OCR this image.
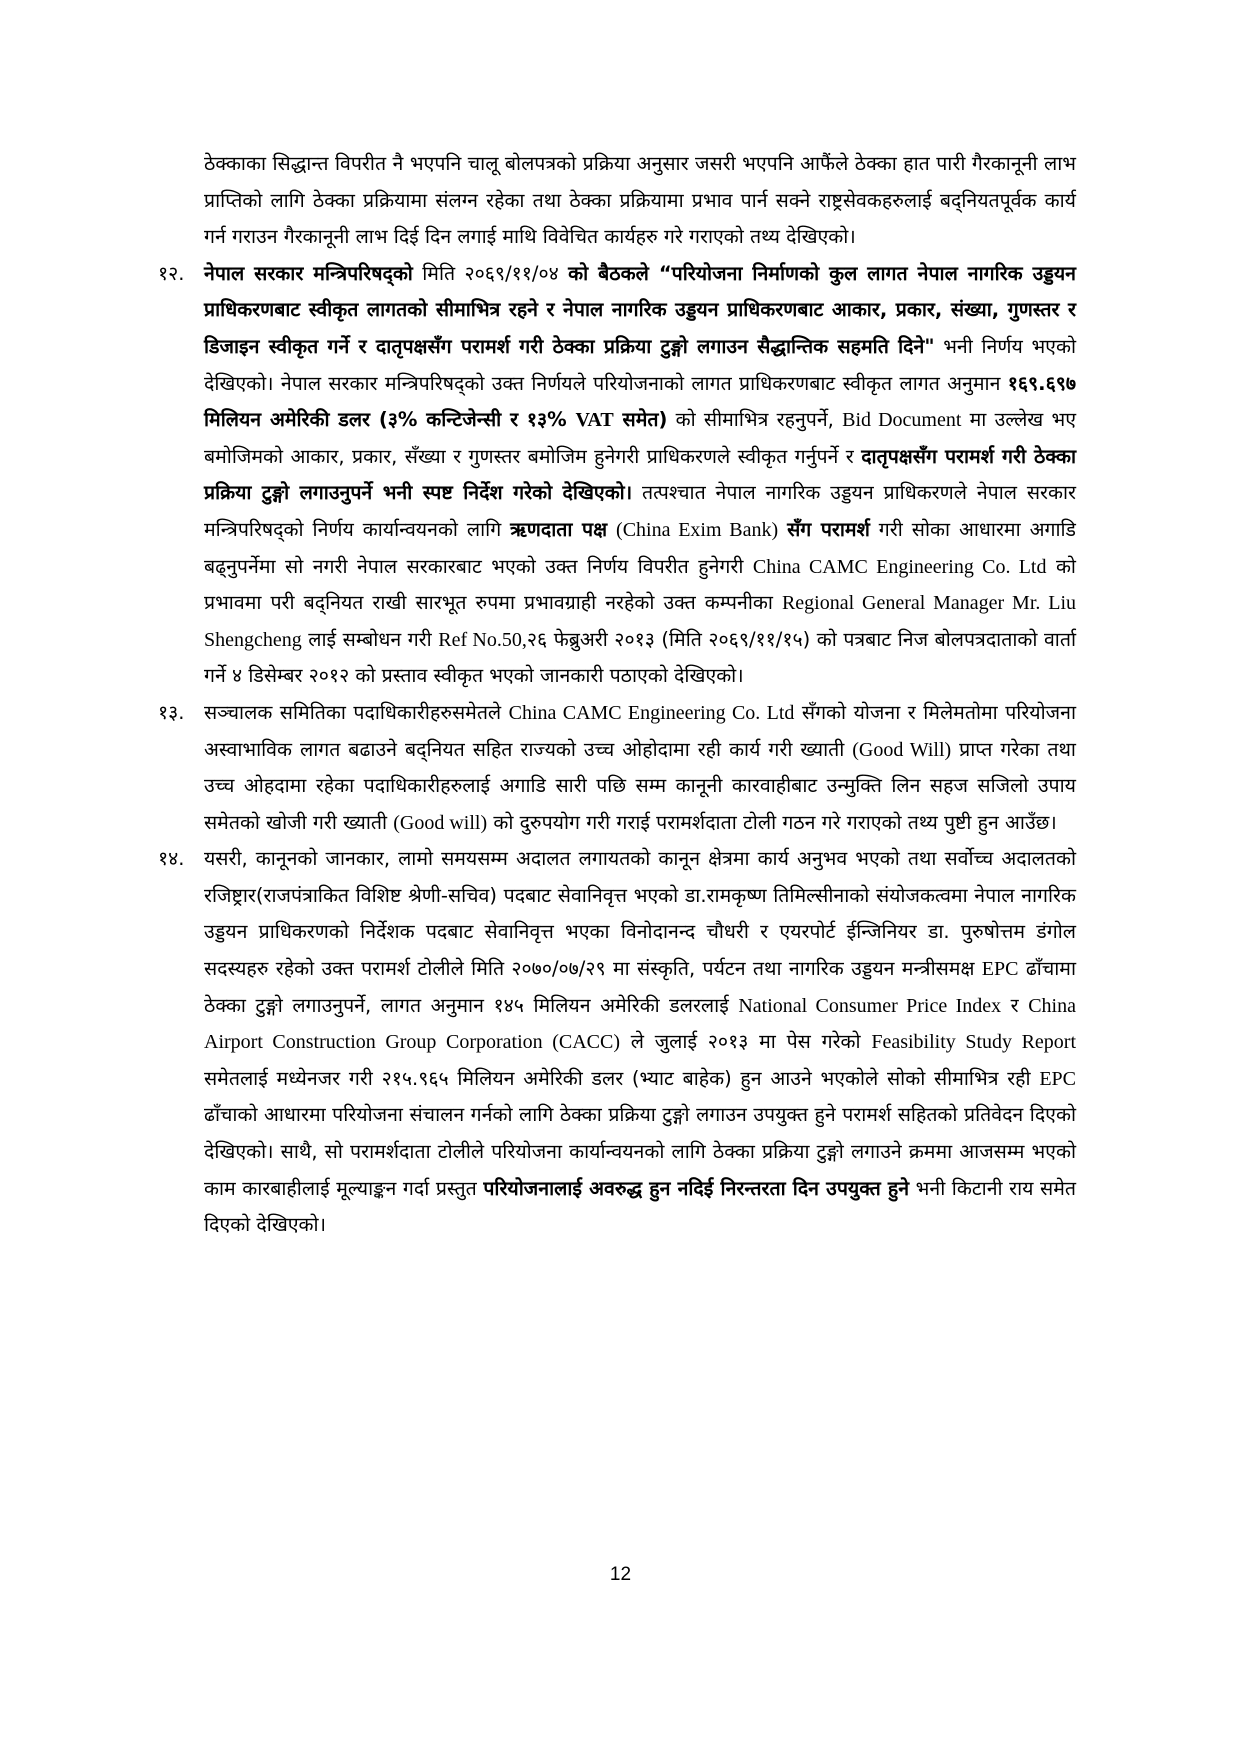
ठेक्काका सिद्धान्त विपरीत नै भएपनि चालू बोलपत्रको प्रक्रिया अनुसार जसरी भएपनि आफैंले ठेक्का हात पारी गैरकानूनी लाभ प्राप्तिको लागि ठेक्का प्रक्रियामा संलग्न रहेका तथा ठेक्का प्रक्रियामा प्रभाव पार्न सक्ने राष्ट्रसेवकहरुलाई बद्नियतपूर्वक कार्य गर्न गराउन गैरकानूनी लाभ दिई दिन लगाई माथि विवेचित कार्यहरु गरे गराएको तथ्य देखिएको।

१२. नेपाल सरकार मन्त्रिपरिषद्को मिति २०६९/११/०४ को बैठकले “परियोजना निर्माणको कुल लागत नेपाल नागरिक उड्डयन प्राधिकरणबाट स्वीकृत लागतको सीमाभित्र रहने र नेपाल नागरिक उड्डयन प्राधिकरणबाट आकार, प्रकार, संख्या, गुणस्तर र डिजाइन स्वीकृत गर्ने र दातृपक्षसँग परामर्श गरी ठेक्का प्रक्रिया टुङ्गो लगाउन सैद्धान्तिक सहमति दिने" भनी निर्णय भएको देखिएको। नेपाल सरकार मन्त्रिपरिषद्को उक्त निर्णयले परियोजनाको लागत प्राधिकरणबाट स्वीकृत लागत अनुमान १६९.६९७ मिलियन अमेरिकी डलर (३% कन्टिजेन्सी र १३% VAT समेत) को सीमाभित्र रहनुपर्ने, Bid Document मा उल्लेख भए बमोजिमको आकार, प्रकार, सँख्या र गुणस्तर बमोजिम हुनेगरी प्राधिकरणले स्वीकृत गर्नुपर्ने र दातृपक्षसँग परामर्श गरी ठेक्का प्रक्रिया टुङ्गो लगाउनुपर्ने भनी स्पष्ट निर्देश गरेको देखिएको। तत्पश्चात नेपाल नागरिक उड्डयन प्राधिकरणले नेपाल सरकार मन्त्रिपरिषद्को निर्णय कार्यान्वयनको लागि ऋणदाता पक्ष (China Exim Bank) सँग परामर्श गरी सोका आधारमा अगाडि बढ्नुपर्नेमा सो नगरी नेपाल सरकारबाट भएको उक्त निर्णय विपरीत हुनेगरी China CAMC Engineering Co. Ltd को प्रभावमा परी बद्नियत राखी सारभूत रुपमा प्रभावग्राही नरहेको उक्त कम्पनीका Regional General Manager Mr. Liu Shengcheng लाई सम्बोधन गरी Ref No.50,२६ फेब्रुअरी २०१३ (मिति २०६९/११/१५) को पत्रबाट निज बोलपत्रदाताको वार्ता गर्ने ४ डिसेम्बर २०१२ को प्रस्ताव स्वीकृत भएको जानकारी पठाएको देखिएको।
१३. सञ्चालक समितिका पदाधिकारीहरुसमेतले China CAMC Engineering Co. Ltd सँगको योजना र मिलेमतोमा परियोजना अस्वाभाविक लागत बढाउने बद्नियत सहित राज्यको उच्च ओहोदामा रही कार्य गरी ख्याती (Good Will) प्राप्त गरेका तथा उच्च ओहदामा रहेका पदाधिकारीहरुलाई अगाडि सारी पछि सम्म कानूनी कारवाहीबाट उन्मुक्ति लिन सहज सजिलो उपाय समेतको खोजी गरी ख्याती (Good will) को दुरुपयोग गरी गराई परामर्शदाता टोली गठन गरे गराएको तथ्य पुष्टी हुन आउँछ।
१४. यसरी, कानूनको जानकार, लामो समयसम्म अदालत लगायतको कानून क्षेत्रमा कार्य अनुभव भएको तथा सर्वोच्च अदालतको रजिष्ट्रार(राजपंत्राकित विशिष्ट श्रेणी-सचिव) पदबाट सेवानिवृत्त भएको डा.रामकृष्ण तिमिल्सीनाको संयोजकत्वमा नेपाल नागरिक उड्डयन प्राधिकरणको निर्देशक पदबाट सेवानिवृत्त भएका विनोदानन्द चौधरी र एयरपोर्ट ईन्जिनियर डा. पुरुषोत्तम डंगोल सदस्यहरु रहेको उक्त परामर्श टोलीले मिति २०७०/०७/२९ मा संस्कृति, पर्यटन तथा नागरिक उड्डयन मन्त्रीसमक्ष EPC ढाँचामा ठेक्का टुङ्गो लगाउनुपर्ने, लागत अनुमान १४५ मिलियन अमेरिकी डलरलाई National Consumer Price Index र China Airport Construction Group Corporation (CACC) ले जुलाई २०१३ मा पेस गरेको Feasibility Study Report समेतलाई मध्येनजर गरी २१५.९६५ मिलियन अमेरिकी डलर (भ्याट बाहेक) हुन आउने भएकोले सोको सीमाभित्र रही EPC ढाँचाको आधारमा परियोजना संचालन गर्नको लागि ठेक्का प्रक्रिया टुङ्गो लगाउन उपयुक्त हुने परामर्श सहितको प्रतिवेदन दिएको देखिएको। साथै, सो परामर्शदाता टोलीले परियोजना कार्यान्वयनको लागि ठेक्का प्रक्रिया टुङ्गो लगाउने क्रममा आजसम्म भएको काम कारबाहीलाई मूल्याङ्कन गर्दा प्रस्तुत परियोजनालाई अवरुद्ध हुन नदिई निरन्तरता दिन उपयुक्त हुने भनी किटानी राय समेत दिएको देखिएको।
12
